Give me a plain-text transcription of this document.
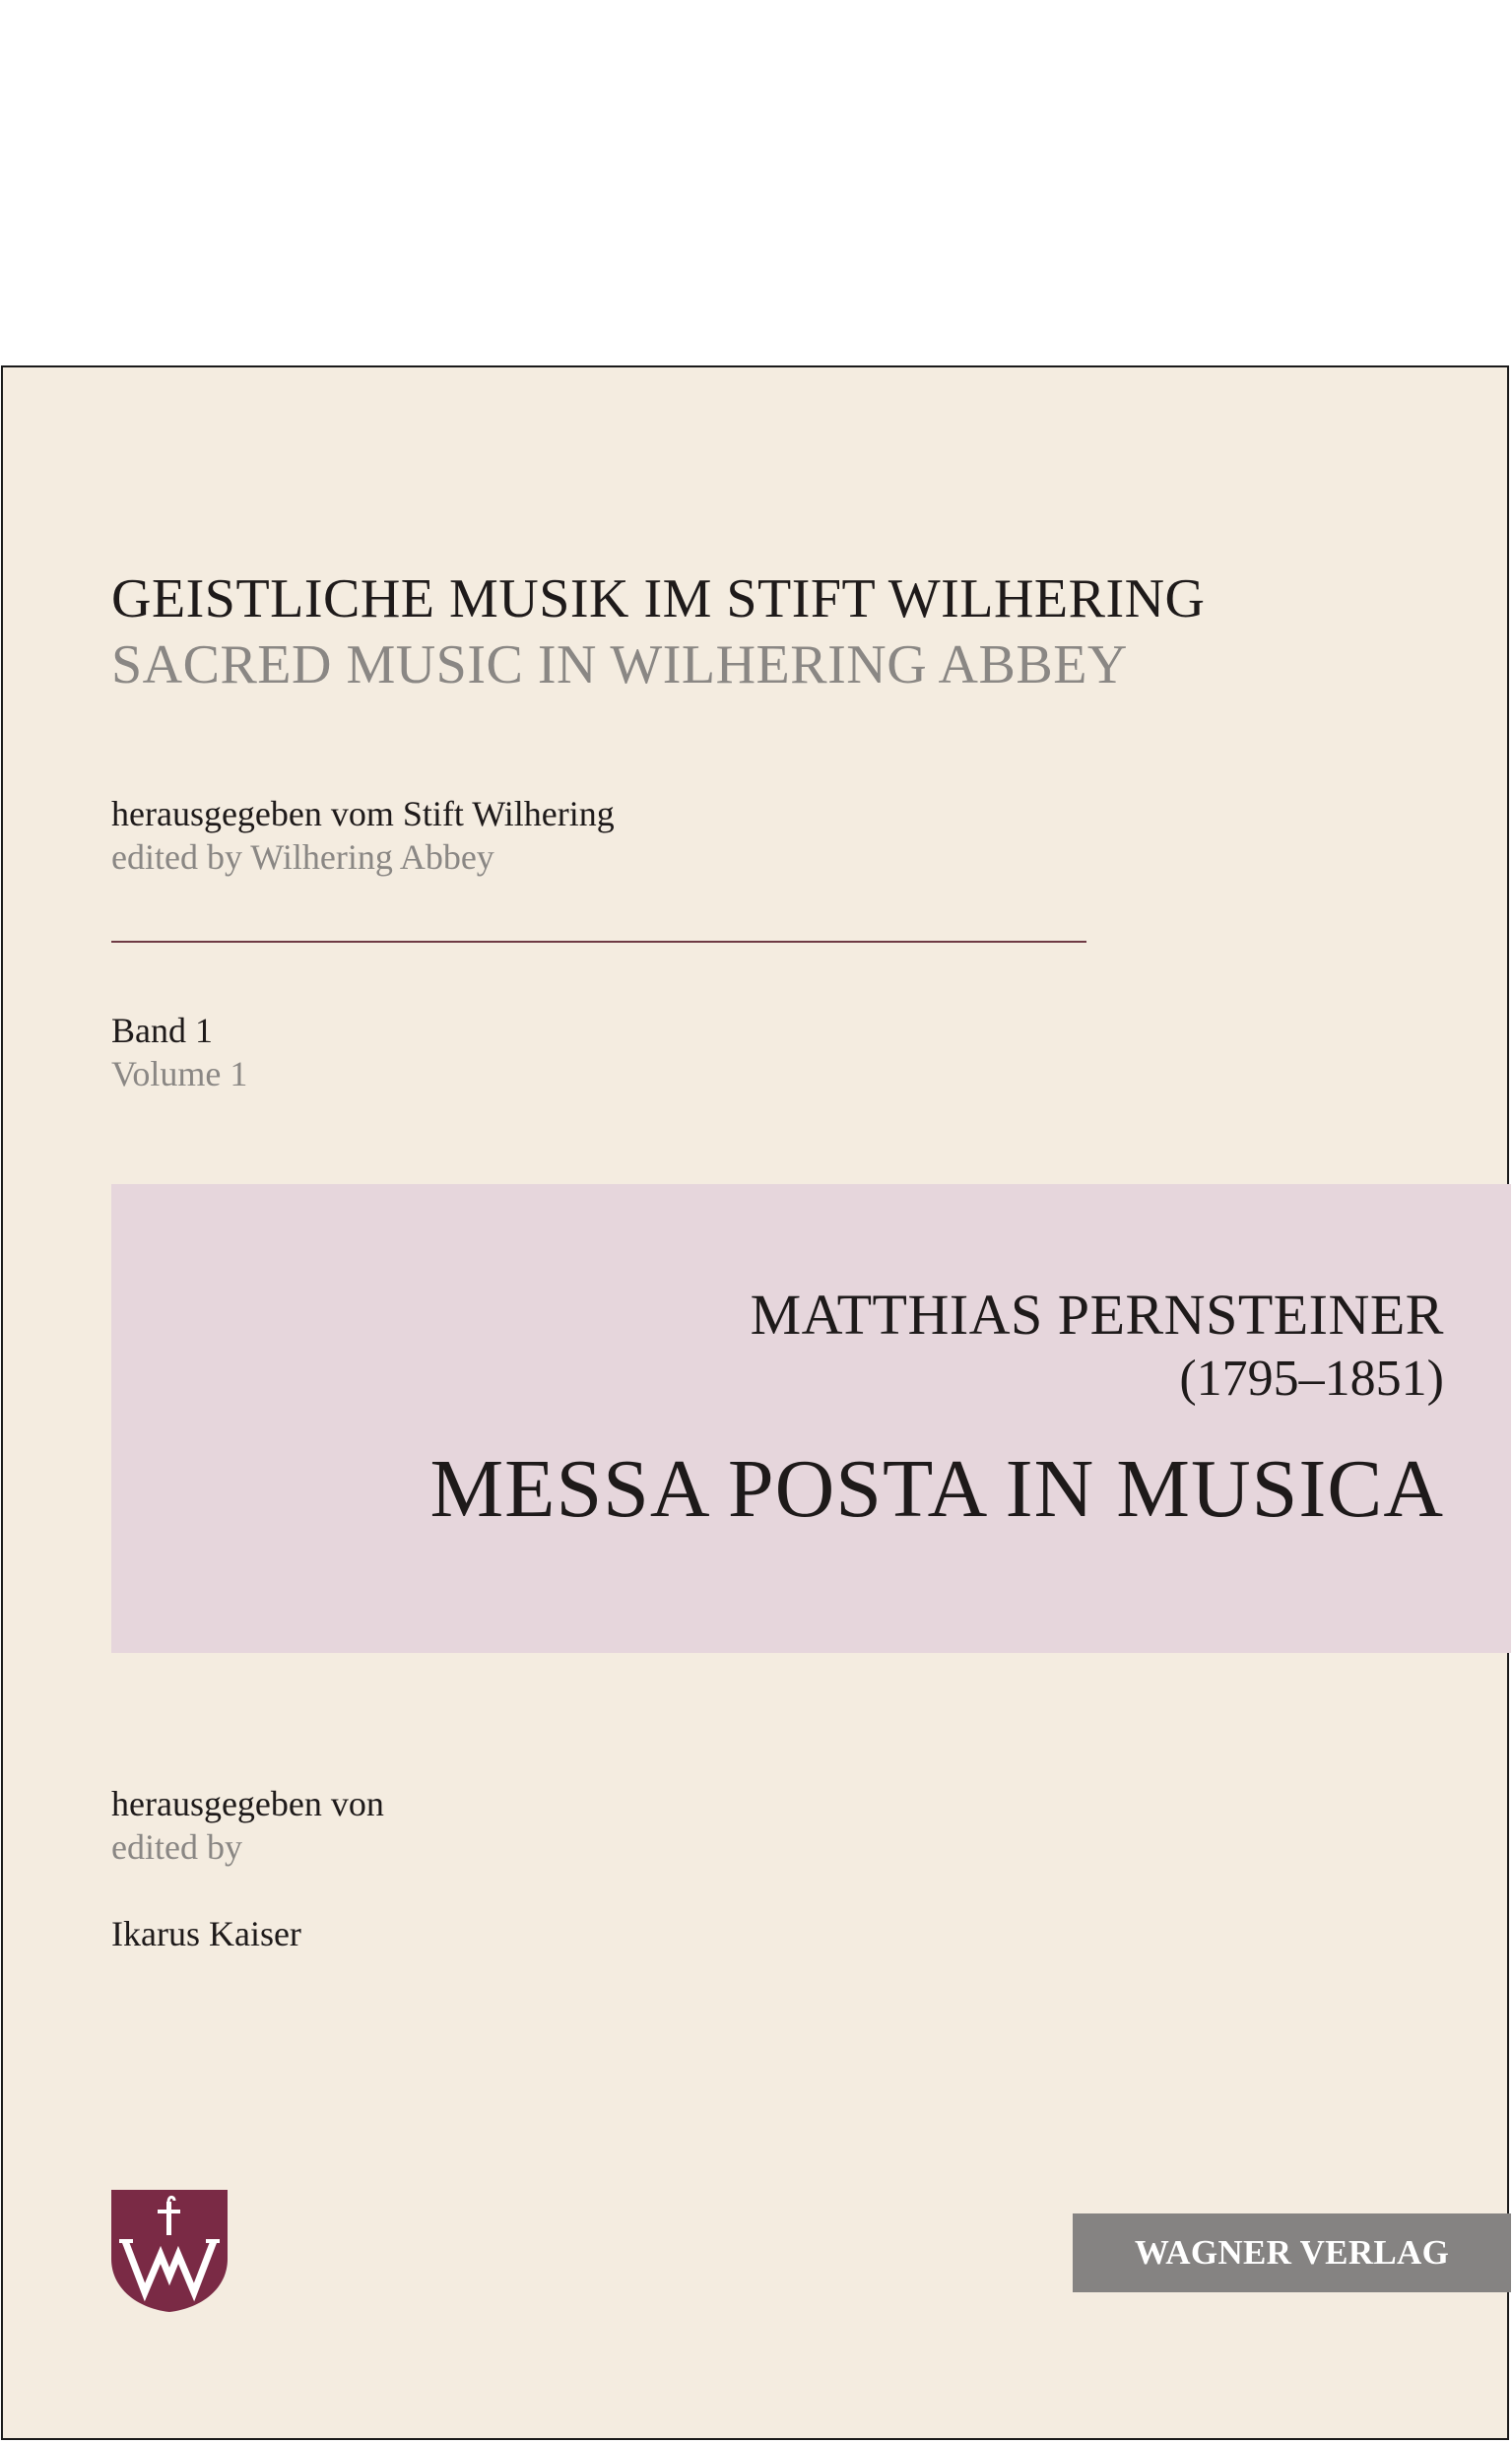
GEISTLICHE MUSIK IM STIFT WILHERING
SACRED MUSIC IN WILHERING ABBEY
herausgegeben vom Stift Wilhering
edited by Wilhering Abbey
Band 1
Volume 1
MATTHIAS PERNSTEINER
(1795–1851)
MESSA POSTA IN MUSICA
herausgegeben von
edited by
Ikarus Kaiser
WAGNER VERLAG
